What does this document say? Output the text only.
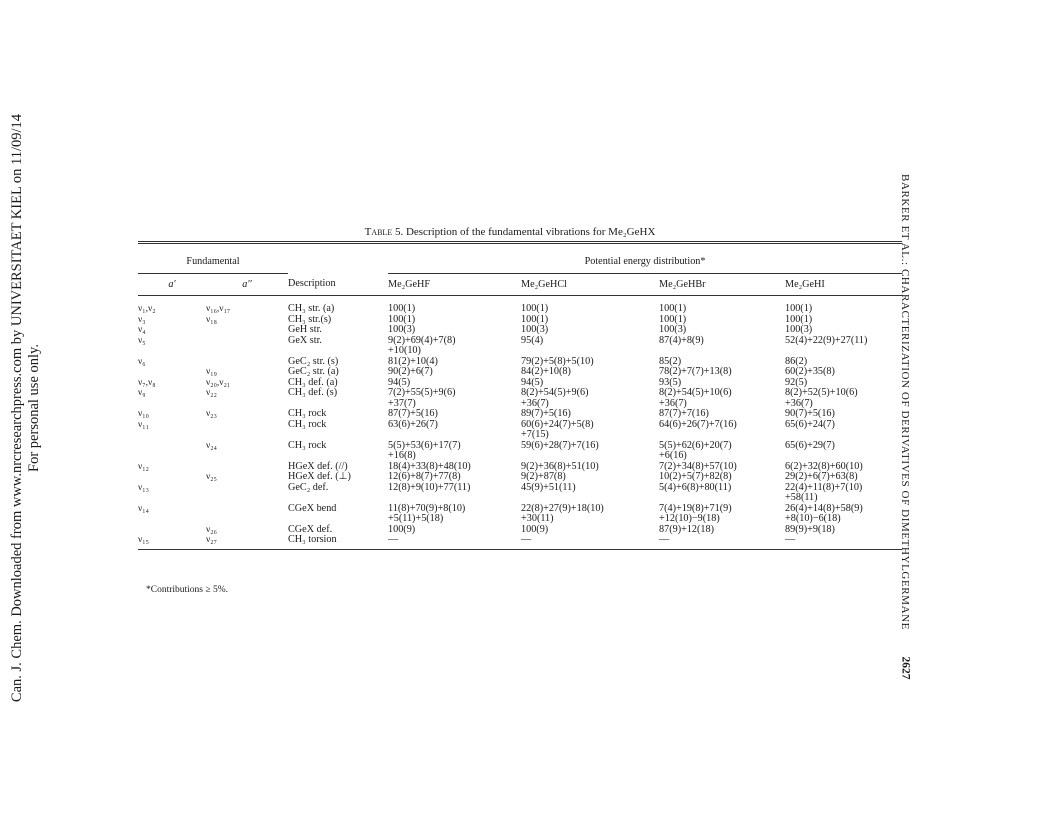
Can. J. Chem. Downloaded from www.nrcresearchpress.com by UNIVERSITAET KIEL on 11/09/14 For personal use only.	BARKER ET AL.: CHARACTERIZATION OF DERIVATIVES OF DIMETHYLGERMANE
2627
Table 5. Description of the fundamental vibrations for Me₂GeHX
Fundamental			Potential energy distribution*			
a′	a′′	Description	Me₂GeHF	Me₂GeHCl	Me₂GeHBr	Me₂GeHI
ν₁,ν₂	ν₁₆,ν₁₇	CH₃ str. (a)	100(1)	100(1)	100(1)	100(1)
ν₃	ν₁₈	CH₃ str.(s)	100(1)	100(1)	100(1)	100(1)
ν₄		GeH str.	100(3)	100(3)	100(3)	100(3)
ν₅		GeX str.	9(2)+69(4)+7(8)	95(4)	87(4)+8(9)	52(4)+22(9)+27(11)
			+10(10)			
ν₆		GeC₂ str. (s)	81(2)+10(4)	79(2)+5(8)+5(10)	85(2)	86(2)
	ν₁₉	GeC₂ str. (a)	90(2)+6(7)	84(2)+10(8)	78(2)+7(7)+13(8)	60(2)+35(8)
ν₇,ν₈	ν₂₀,ν₂₁	CH₃ def. (a)	94(5)	94(5)	93(5)	92(5)
ν₉	ν₂₂	CH₃ def. (s)	7(2)+55(5)+9(6)	8(2)+54(5)+9(6)	8(2)+54(5)+10(6)	8(2)+52(5)+10(6)
			+37(7)	+36(7)	+36(7)	+36(7)
ν₁₀	ν₂₃	CH₃ rock	87(7)+5(16)	89(7)+5(16)	87(7)+7(16)	90(7)+5(16)
ν₁₁		CH₃ rock	63(6)+26(7)	60(6)+24(7)+5(8)	64(6)+26(7)+7(16)	65(6)+24(7)
				+7(15)		
	ν₂₄	CH₃ rock	5(5)+53(6)+17(7)	59(6)+28(7)+7(16)	5(5)+62(6)+20(7)	65(6)+29(7)
			+16(8)		+6(16)	
ν₁₂		HGeX def. (//)	18(4)+33(8)+48(10)	9(2)+36(8)+51(10)	7(2)+34(8)+57(10)	6(2)+32(8)+60(10)
	ν₂₅	HGeX def. (⊥)	12(6)+8(7)+77(8)	9(2)+87(8)	10(2)+5(7)+82(8)	29(2)+6(7)+63(8)
ν₁₃		GeC₂ def.	12(8)+9(10)+77(11)	45(9)+51(11)	5(4)+6(8)+80(11)	22(4)+11(8)+7(10)
						+58(11)
ν₁₄		CGeX bend	11(8)+70(9)+8(10)	22(8)+27(9)+18(10)	7(4)+19(8)+71(9)	26(4)+14(8)+58(9)
			+5(11)+5(18)	+30(11)	+12(10)−9(18)	+8(10)−6(18)
	ν₂₆	CGeX def.	100(9)	100(9)	87(9)+12(18)	89(9)+9(18)
ν₁₅	ν₂₇	CH₃ torsion	—	—	—	—
*Contributions ≥ 5%.
